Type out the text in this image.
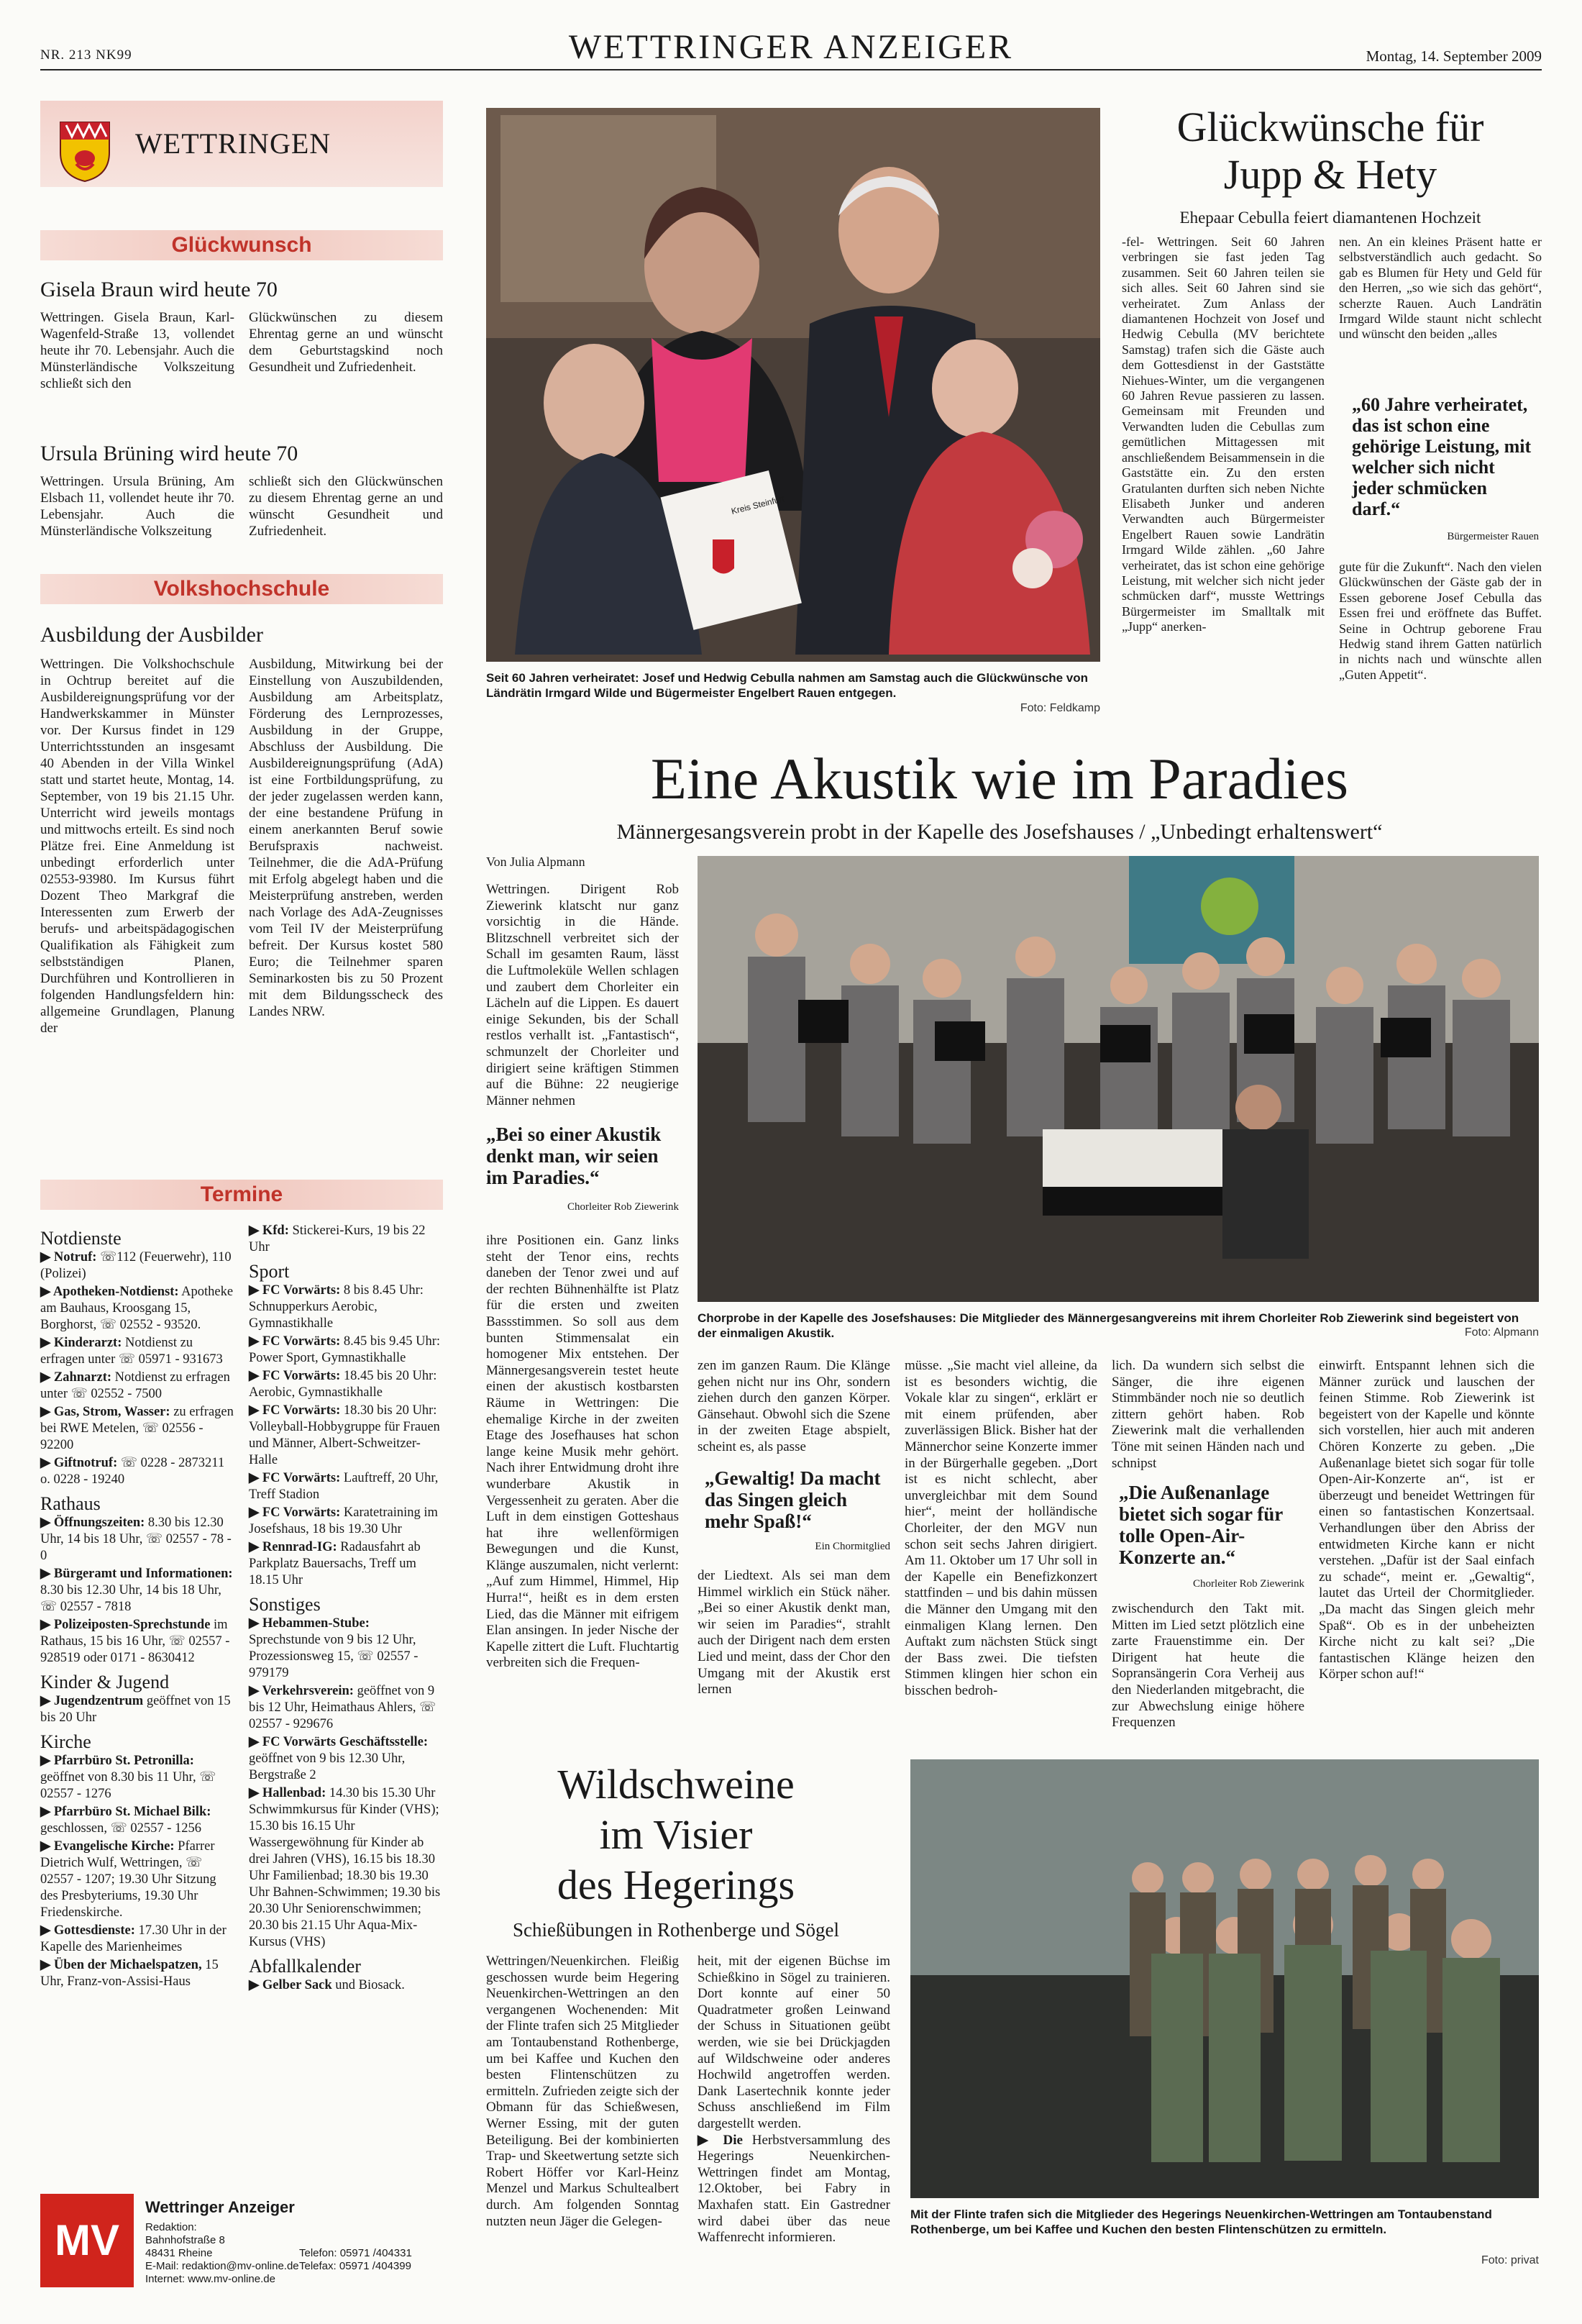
NR. 213 NK99	WETTRINGER ANZEIGER	Montag, 14. September 2009
WETTRINGEN
Glückwunsch
Gisela Braun wird heute 70
Wettringen. Gisela Braun, Karl-Wagenfeld-Straße 13, vollendet heute ihr 70. Lebensjahr. Auch die Münsterländische Volkszeitung schließt sich den
Glückwünschen zu diesem Ehrentag gerne an und wünscht dem Geburtstagskind noch Gesundheit und Zufriedenheit.
Ursula Brüning wird heute 70
Wettringen. Ursula Brüning, Am Elsbach 11, vollendet heute ihr 70. Lebensjahr. Auch die Münsterländische Volkszeitung
schließt sich den Glückwünschen zu diesem Ehrentag gerne an und wünscht Gesundheit und Zufriedenheit.
Volkshochschule
Ausbildung der Ausbilder
Wettringen. Die Volkshochschule in Ochtrup bereitet auf die Ausbildereignungsprüfung vor der Handwerkskammer in Münster vor. Der Kursus findet in 129 Unterrichtsstunden an insgesamt 40 Abenden in der Villa Winkel statt und startet heute, Montag, 14. September, von 19 bis 21.15 Uhr. Unterricht wird jeweils montags und mittwochs erteilt. Es sind noch Plätze frei. Eine Anmeldung ist unbedingt erforderlich unter 02553-93980. Im Kursus führt Dozent Theo Markgraf die Interessenten zum Erwerb der berufs- und arbeitspädagogischen Qualifikation als Fähigkeit zum selbstständigen Planen, Durchführen und Kontrollieren in folgenden Handlungsfeldern hin: allgemeine Grundlagen, Planung der
Ausbildung, Mitwirkung bei der Einstellung von Auszubildenden, Ausbildung am Arbeitsplatz, Förderung des Lernprozesses, Ausbildung in der Gruppe, Abschluss der Ausbildung. Die Ausbildereignungsprüfung (AdA) ist eine Fortbildungsprüfung, zu der jeder zugelassen werden kann, der eine bestandene Prüfung in einem anerkannten Beruf sowie Berufspraxis nachweist. Teilnehmer, die die AdA-Prüfung mit Erfolg abgelegt haben und die Meisterprüfung anstreben, werden nach Vorlage des AdA-Zeugnisses vom Teil IV der Meisterprüfung befreit. Der Kursus kostet 580 Euro; die Teilnehmer sparen Seminarkosten bis zu 50 Prozent mit dem Bildungsscheck des Landes NRW.
Termine
Notdienste

▶ Notruf: ☏112 (Feuerwehr), 110 (Polizei)

▶ Apotheken-Notdienst: Apotheke am Bauhaus, Kroosgang 15, Borghorst, ☏ 02552 - 93520.

▶ Kinderarzt: Notdienst zu erfragen unter ☏ 05971 - 931673

▶ Zahnarzt: Notdienst zu erfragen unter ☏ 02552 - 7500

▶ Gas, Strom, Wasser: zu erfragen bei RWE Metelen, ☏ 02556 - 92200

▶ Giftnotruf: ☏ 0228 - 2873211 o. 0228 - 19240

Rathaus

▶ Öffnungszeiten: 8.30 bis 12.30 Uhr, 14 bis 18 Uhr, ☏ 02557 - 78 - 0

▶ Bürgeramt und Informationen: 8.30 bis 12.30 Uhr, 14 bis 18 Uhr, ☏ 02557 - 7818

▶ Polizeiposten-Sprechstunde im Rathaus, 15 bis 16 Uhr, ☏ 02557 - 928519 oder 0171 - 8630412

Kinder & Jugend

▶ Jugendzentrum geöffnet von 15 bis 20 Uhr

Kirche

▶ Pfarrbüro St. Petronilla: geöffnet von 8.30 bis 11 Uhr, ☏ 02557 - 1276

▶ Pfarrbüro St. Michael Bilk: geschlossen, ☏ 02557 - 1256

▶ Evangelische Kirche: Pfarrer Dietrich Wulf, Wettringen, ☏ 02557 - 1207; 19.30 Uhr Sitzung des Presbyteriums, 19.30 Uhr Friedenskirche.

▶ Gottesdienste: 17.30 Uhr in der Kapelle des Marienheimes

▶ Üben der Michaelspatzen, 15 Uhr, Franz-von-Assisi-Haus

▶ Kfd: Stickerei-Kurs, 19 bis 22 Uhr

Sport

▶ FC Vorwärts: 8 bis 8.45 Uhr: Schnupperkurs Aerobic, Gymnastikhalle

▶ FC Vorwärts: 8.45 bis 9.45 Uhr: Power Sport, Gymnastikhalle

▶ FC Vorwärts: 18.45 bis 20 Uhr: Aerobic, Gymnastikhalle

▶ FC Vorwärts: 18.30 bis 20 Uhr: Volleyball-Hobbygruppe für Frauen und Männer, Albert-Schweitzer-Halle

▶ FC Vorwärts: Lauftreff, 20 Uhr, Treff Stadion

▶ FC Vorwärts: Karatetraining im Josefshaus, 18 bis 19.30 Uhr

▶ Rennrad-IG: Radausfahrt ab Parkplatz Bauersachs, Treff um 18.15 Uhr

Sonstiges

▶ Hebammen-Stube: Sprechstunde von 9 bis 12 Uhr, Prozessionsweg 15, ☏ 02557 - 979179

▶ Verkehrsverein: geöffnet von 9 bis 12 Uhr, Heimathaus Ahlers, ☏ 02557 - 929676

▶ FC Vorwärts Geschäftsstelle: geöffnet von 9 bis 12.30 Uhr, Bergstraße 2

▶ Hallenbad: 14.30 bis 15.30 Uhr Schwimmkursus für Kinder (VHS); 15.30 bis 16.15 Uhr Wassergewöhnung für Kinder ab drei Jahren (VHS), 16.15 bis 18.30 Uhr Familienbad; 18.30 bis 19.30 Uhr Bahnen-Schwimmen; 19.30 bis 20.30 Uhr Seniorenschwimmen; 20.30 bis 21.15 Uhr Aqua-Mix-Kursus (VHS)

Abfallkalender

▶ Gelber Sack und Biosack.

MV
Wettringer Anzeiger
Redaktion:
Bahnhofstraße 8
48431 Rheine
E-Mail: redaktion@mv-online.de
Internet: www.mv-online.de
Telefon: 05971 /404331
Telefax: 05971 /404399
Kreis Steinfurt
Seit 60 Jahren verheiratet: Josef und Hedwig Cebulla nahmen am Samstag auch die Glückwünsche von Ländrätin Irmgard Wilde und Bügermeister Engelbert Rauen entgegen.
Foto: Feldkamp
Glückwünsche für
Jupp & Hety
Ehepaar Cebulla feiert diamantenen Hochzeit
-fel- Wettringen. Seit 60 Jahren verbringen sie fast jeden Tag zusammen. Seit 60 Jahren teilen sie sich alles. Seit 60 Jahren sind sie verheiratet. Zum Anlass der diamantenen Hochzeit von Josef und Hedwig Cebulla (MV berichtete Samstag) trafen sich die Gäste auch dem Gottesdienst in der Gaststätte Niehues-Winter, um die vergangenen 60 Jahren Revue passieren zu lassen. Gemeinsam mit Freunden und Verwandten luden die Cebullas zum gemütlichen Mittagessen mit anschließendem Beisammensein in die Gaststätte ein. Zu den ersten Gratulanten durften sich neben Nichte Elisabeth Junker und anderen Verwandten auch Bürgermeister Engelbert Rauen sowie Landrätin Irmgard Wilde zählen. „60 Jahre verheiratet, das ist schon eine gehörige Leistung, mit welcher sich nicht jeder schmücken darf“, musste Wettrings Bürgermeister im Smalltalk mit „Jupp“ anerken-
nen. An ein kleines Präsent hatte er selbstverständlich auch gedacht. So gab es Blumen für Hety und Geld für den Herren, „so wie sich das gehört“, scherzte Rauen. Auch Landrätin Irmgard Wilde staunt nicht schlecht und wünscht den beiden „alles
„60 Jahre verheiratet, das ist schon eine gehörige Leistung, mit welcher sich nicht jeder schmücken darf.“
Bürgermeister Rauen
gute für die Zukunft“. Nach den vielen Glückwünschen der Gäste gab der in Essen geborene Josef Cebulla das Essen frei und eröffnete das Buffet. Seine in Ochtrup geborene Frau Hedwig stand ihrem Gatten natürlich in nichts nach und wünschte allen „Guten Appetit“.
Eine Akustik wie im Paradies
Männergesangsverein probt in der Kapelle des Josefshauses / „Unbedingt erhaltenswert“
Von Julia Alpmann
Wettringen. Dirigent Rob Ziewerink klatscht nur ganz vorsichtig in die Hände. Blitzschnell verbreitet sich der Schall im gesamten Raum, lässt die Luftmoleküle Wellen schlagen und zaubert dem Chorleiter ein Lächeln auf die Lippen. Es dauert einige Sekunden, bis der Schall restlos verhallt ist. „Fantastisch“, schmunzelt der Chorleiter und dirigiert seine kräftigen Stimmen auf die Bühne: 22 neugierige Männer nehmen
„Bei so einer Akustik denkt man, wir seien im Paradies.“
Chorleiter Rob Ziewerink
ihre Positionen ein. Ganz links steht der Tenor eins, rechts daneben der Tenor zwei und auf der rechten Bühnenhälfte ist Platz für die ersten und zweiten Bassstimmen. So soll aus dem bunten Stimmensalat ein homogener Mix entstehen. Der Männergesangsverein testet heute einen der akustisch kostbarsten Räume in Wettringen: Die ehemalige Kirche in der zweiten Etage des Josefhauses hat schon lange keine Musik mehr gehört. Nach ihrer Entwidmung droht ihre wunderbare Akustik in Vergessenheit zu geraten. Aber die Luft in dem einstigen Gotteshaus hat ihre wellenförmigen Bewegungen und die Kunst, Klänge auszumalen, nicht verlernt: „Auf zum Himmel, Himmel, Hip Hurra!“, heißt es in dem ersten Lied, das die Männer mit eifrigem Elan ansingen. In jeder Nische der Kapelle zittert die Luft. Fluchtartig verbreiten sich die Frequen-
Chorprobe in der Kapelle des Josefshauses: Die Mitglieder des Männergesangvereins mit ihrem Chorleiter Rob Ziewerink sind begeistert von der einmaligen Akustik.	Foto: Alpmann
zen im ganzen Raum. Die Klänge gehen nicht nur ins Ohr, sondern ziehen durch den ganzen Körper. Gänsehaut. Obwohl sich die Szene in der zweiten Etage abspielt, scheint es, als passe
„Gewaltig! Da macht das Singen gleich mehr Spaß!“
Ein Chormitglied
der Liedtext. Als sei man dem Himmel wirklich ein Stück näher. „Bei so einer Akustik denkt man, wir seien im Paradies“, strahlt auch der Dirigent nach dem ersten Lied und meint, dass der Chor den Umgang mit der Akustik erst lernen
müsse. „Sie macht viel alleine, da ist es besonders wichtig, die Vokale klar zu singen“, erklärt er mit einem prüfenden, aber zuverlässigen Blick. Bisher hat der Männerchor seine Konzerte immer in der Bürgerhalle gegeben. „Dort ist es nicht schlecht, aber unvergleichbar mit dem Sound hier“, meint der holländische Chorleiter, der den MGV nun schon seit sechs Jahren dirigiert. Am 11. Oktober um 17 Uhr soll in der Kapelle ein Benefizkonzert stattfinden – und bis dahin müssen die Männer den Umgang mit den einmaligen Klang lernen. Den Auftakt zum nächsten Stück singt der Bass zwei. Die tiefsten Stimmen klingen hier schon ein bisschen bedroh-
lich. Da wundern sich selbst die Sänger, die ihre eigenen Stimmbänder noch nie so deutlich zittern gehört haben. Rob Ziewerink malt die verhallenden Töne mit seinen Händen nach und schnipst
„Die Außenanlage bietet sich sogar für tolle Open-Air-Konzerte an.“
Chorleiter Rob Ziewerink
zwischendurch den Takt mit. Mitten im Lied setzt plötzlich eine zarte Frauenstimme ein. Der Dirigent hat heute die Sopransängerin Cora Verheij aus den Niederlanden mitgebracht, die zur Abwechslung einige höhere Frequenzen
einwirft. Entspannt lehnen sich die Männer zurück und lauschen der feinen Stimme. Rob Ziewerink ist begeistert von der Kapelle und könnte sich vorstellen, hier auch mit anderen Chören Konzerte zu geben. „Die Außenanlage bietet sich sogar für tolle Open-Air-Konzerte an“, ist er überzeugt und beneidet Wettringen für einen so fantastischen Konzertsaal. Verhandlungen über den Abriss der entwidmeten Kirche kann er nicht verstehen. „Dafür ist der Saal einfach zu schade“, meint er. „Gewaltig“, lautet das Urteil der Chormitglieder. „Da macht das Singen gleich mehr Spaß“. Ob es in der unbeheizten Kirche nicht zu kalt sei? „Die fantastischen Klänge heizen den Körper schon auf!“
Wildschweine
im Visier
des Hegerings
Schießübungen in Rothenberge und Sögel
Wettringen/Neuenkirchen. Fleißig geschossen wurde beim Hegering Neuenkirchen-Wettringen an den vergangenen Wochenenden: Mit der Flinte trafen sich 25 Mitglieder am Tontaubenstand Rothenberge, um bei Kaffee und Kuchen den besten Flintenschützen zu ermitteln. Zufrieden zeigte sich der Obmann für das Schießwesen, Werner Essing, mit der guten Beteiligung. Bei der kombinierten Trap- und Skeetwertung setzte sich Robert Höffer vor Karl-Heinz Menzel und Markus Schultealbert durch. Am folgenden Sonntag nutzten neun Jäger die Gelegen-
heit, mit der eigenen Büchse im Schießkino in Sögel zu trainieren. Dort konnte auf einer 50 Quadratmeter großen Leinwand der Schuss in Situationen geübt werden, wie sie bei Drückjagden auf Wildschweine oder anderes Hochwild angetroffen werden. Dank Lasertechnik konnte jeder Schuss anschließend im Film dargestellt werden.
▶ Die Herbstversammlung des Hegerings Neuenkirchen-Wettringen findet am Montag, 12.Oktober, bei Fabry in Maxhafen statt. Ein Gastredner wird dabei über das neue Waffenrecht informieren.
Mit der Flinte trafen sich die Mitglieder des Hegerings Neuenkirchen-Wettringen am Tontaubenstand Rothenberge, um bei Kaffee und Kuchen den besten Flintenschützen zu ermitteln.
Foto: privat
